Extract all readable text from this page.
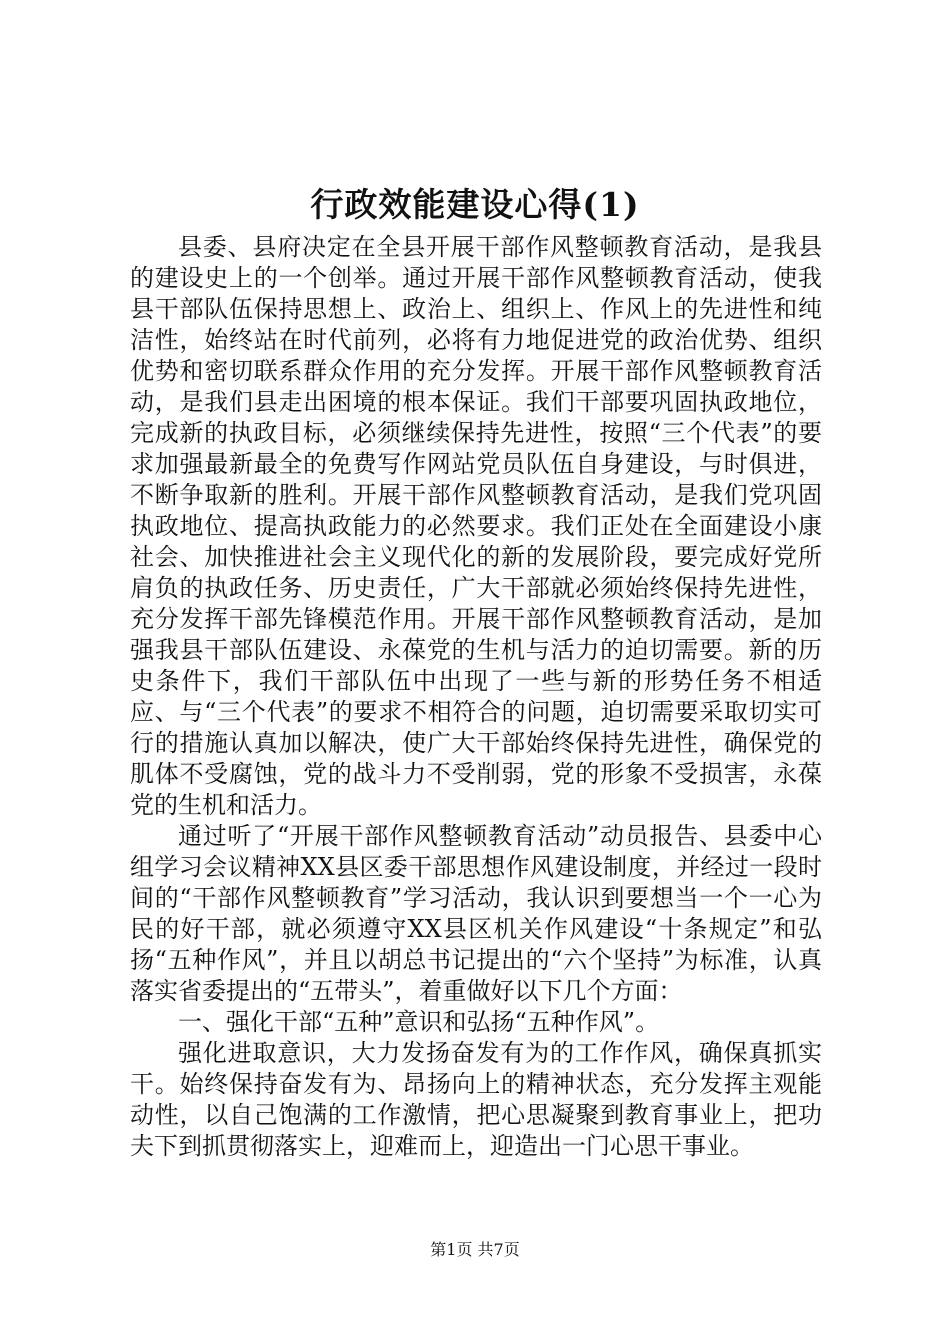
行政效能建设心得(1)

县委、县府决定在全县开展干部作风整顿教育活动，是我县的建设史上的一个创举。通过开展干部作风整顿教育活动，使我县干部队伍保持思想上、政治上、组织上、作风上的先进性和纯洁性，始终站在时代前列，必将有力地促进党的政治优势、组织优势和密切联系群众作用的充分发挥。开展干部作风整顿教育活动，是我们县走出困境的根本保证。我们干部要巩固执政地位，完成新的执政目标，必须继续保持先进性，按照“三个代表”的要求加强最新最全的免费写作网站党员队伍自身建设，与时俱进，不断争取新的胜利。开展干部作风整顿教育活动，是我们党巩固执政地位、提高执政能力的必然要求。我们正处在全面建设小康社会、加快推进社会主义现代化的新的发展阶段，要完成好党所肩负的执政任务、历史责任，广大干部就必须始终保持先进性，充分发挥干部先锋模范作用。开展干部作风整顿教育活动，是加强我县干部队伍建设、永葆党的生机与活力的迫切需要。新的历史条件下，我们干部队伍中出现了一些与新的形势任务不相适应、与“三个代表”的要求不相符合的问题，迫切需要采取切实可行的措施认真加以解决，使广大干部始终保持先进性，确保党的肌体不受腐蚀，党的战斗力不受削弱，党的形象不受损害，永葆党的生机和活力。

通过听了“开展干部作风整顿教育活动”动员报告、县委中心组学习会议精神XX县区委干部思想作风建设制度，并经过一段时间的“干部作风整顿教育”学习活动，我认识到要想当一个一心为民的好干部，就必须遵守XX县区机关作风建设“十条规定”和弘扬“五种作风”，并且以胡总书记提出的“六个坚持”为标准，认真落实省委提出的“五带头”，着重做好以下几个方面：

一、强化干部“五种”意识和弘扬“五种作风”。

强化进取意识，大力发扬奋发有为的工作作风，确保真抓实干。始终保持奋发有为、昂扬向上的精神状态，充分发挥主观能动性，以自己饱满的工作激情，把心思凝聚到教育事业上，把功夫下到抓贯彻落实上，迎难而上，迎造出一门心思干事业。

第1页 共7页
